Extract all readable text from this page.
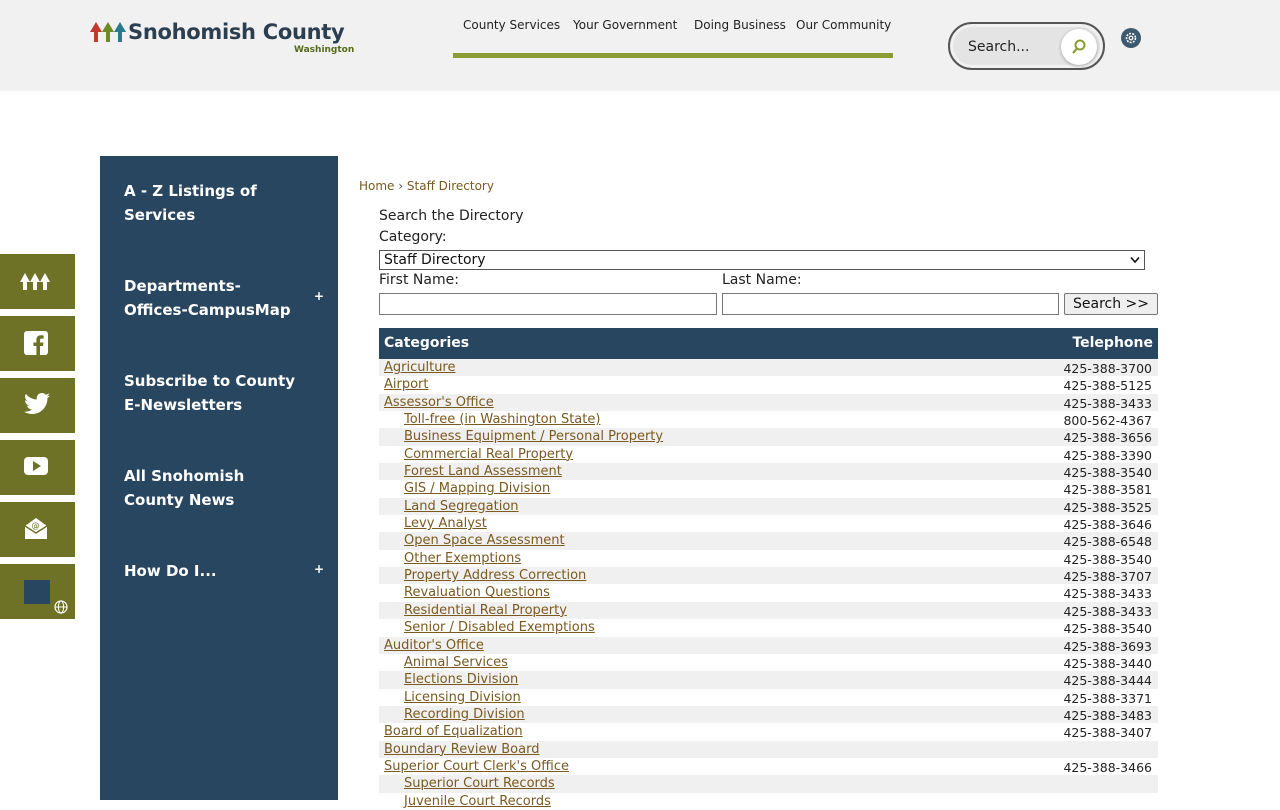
Snohomish County
Washington
County Services Your Government Doing Business Our Community
Search...
@
A - Z Listings of Services
Departments-Offices-CampusMap
+
Subscribe to County E-Newsletters
All Snohomish County News
How Do I...	+
Home › Staff Directory
Search the Directory
Category:
Staff Directory
First Name:	Last Name:
Search >>
Categories	Telephone
Agriculture	425-388-3700
Airport	425-388-5125
Assessor's Office	425-388-3433
Toll-free (in Washington State)	800-562-4367
Business Equipment / Personal Property	425-388-3656
Commercial Real Property	425-388-3390
Forest Land Assessment	425-388-3540
GIS / Mapping Division	425-388-3581
Land Segregation	425-388-3525
Levy Analyst	425-388-3646
Open Space Assessment	425-388-6548
Other Exemptions	425-388-3540
Property Address Correction	425-388-3707
Revaluation Questions	425-388-3433
Residential Real Property	425-388-3433
Senior / Disabled Exemptions	425-388-3540
Auditor's Office	425-388-3693
Animal Services	425-388-3440
Elections Division	425-388-3444
Licensing Division	425-388-3371
Recording Division	425-388-3483
Board of Equalization	425-388-3407
Boundary Review Board
Superior Court Clerk's Office	425-388-3466
Superior Court Records
Juvenile Court Records
